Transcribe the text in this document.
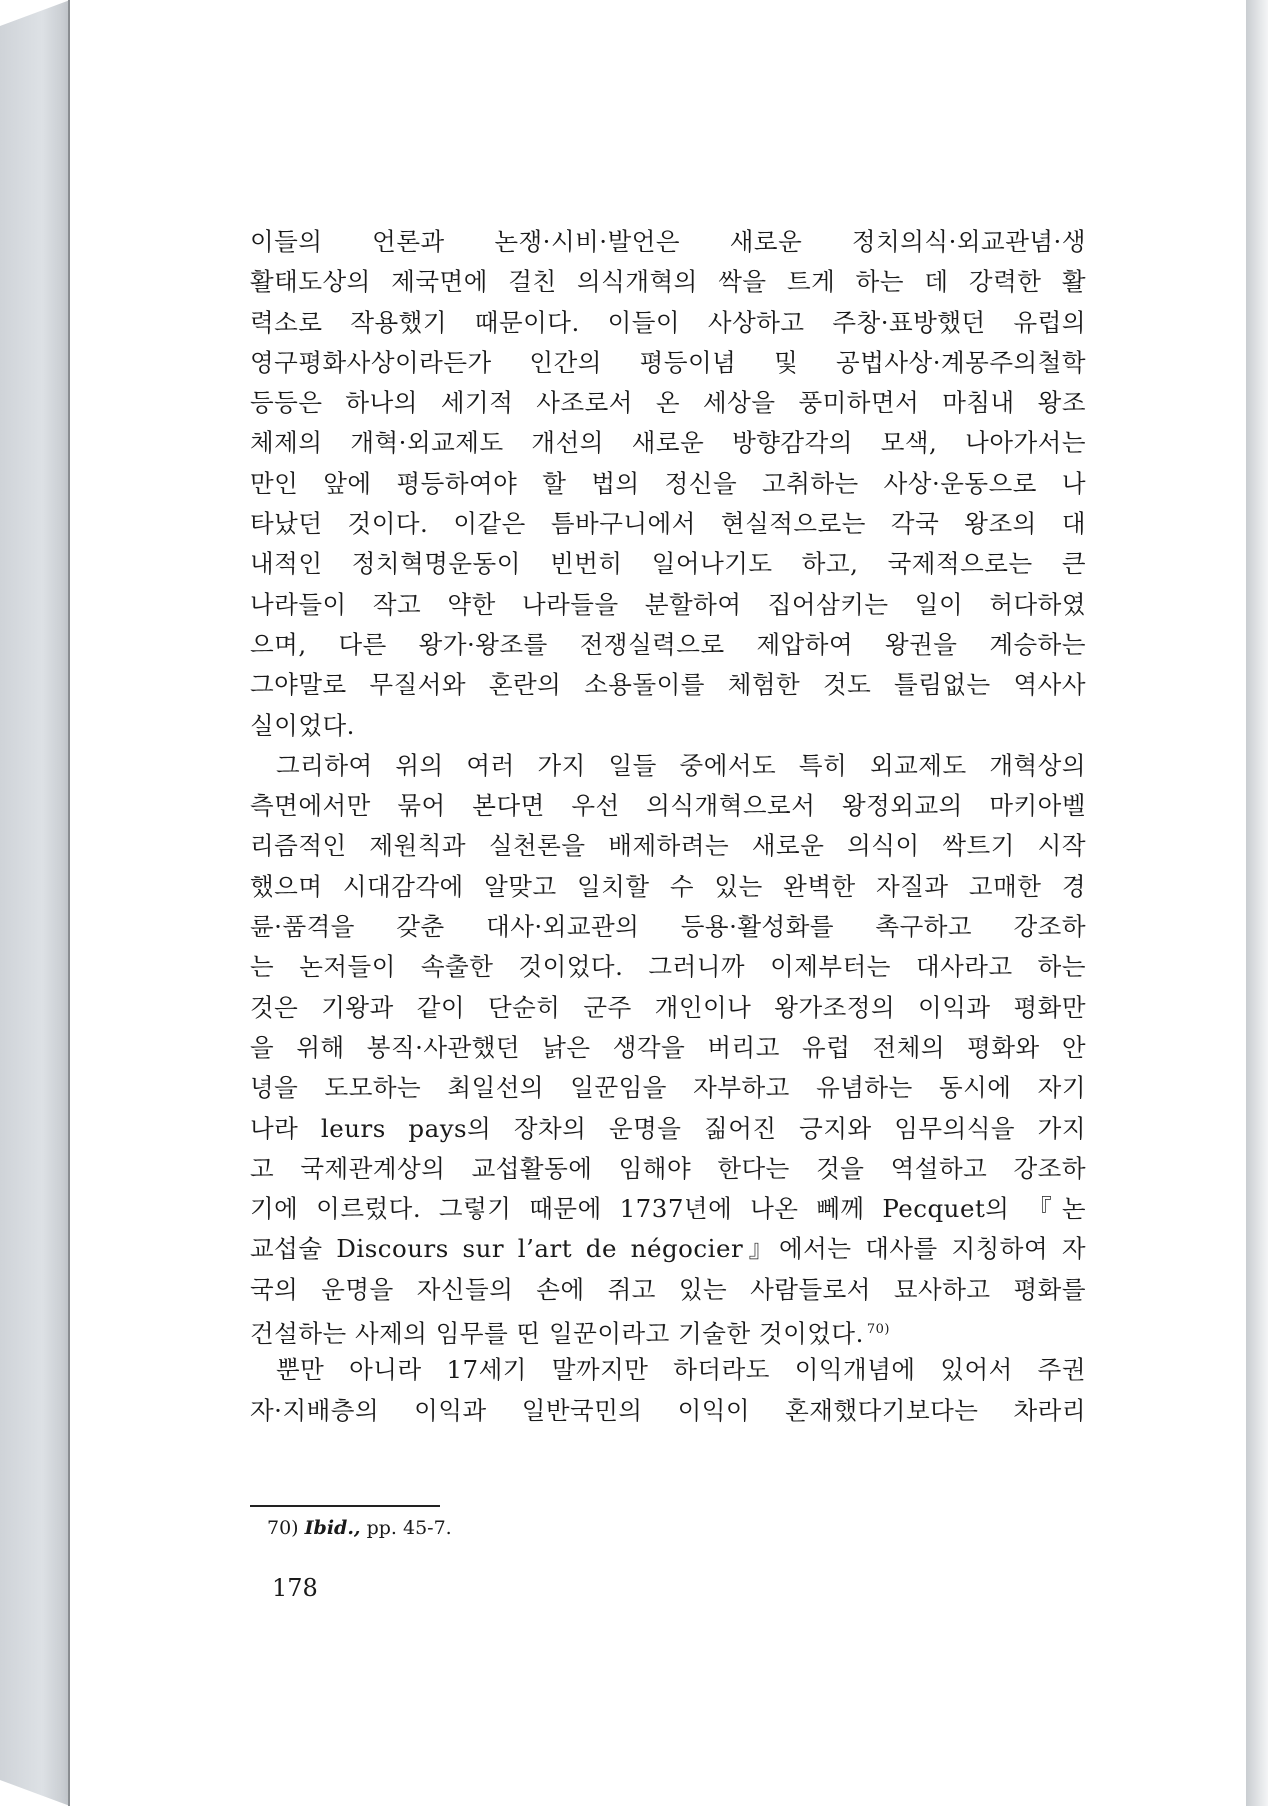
이들의 언론과 논쟁·시비·발언은 새로운 정치의식·외교관념·생
활태도상의 제국면에 걸친 의식개혁의 싹을 트게 하는 데 강력한 활
력소로 작용했기 때문이다. 이들이 사상하고 주창·표방했던 유럽의
영구평화사상이라든가 인간의 평등이념 및 공법사상·계몽주의철학
등등은 하나의 세기적 사조로서 온 세상을 풍미하면서 마침내 왕조
체제의 개혁·외교제도 개선의 새로운 방향감각의 모색, 나아가서는
만인 앞에 평등하여야 할 법의 정신을 고취하는 사상·운동으로 나
타났던 것이다. 이같은 틈바구니에서 현실적으로는 각국 왕조의 대
내적인 정치혁명운동이 빈번히 일어나기도 하고, 국제적으로는 큰
나라들이 작고 약한 나라들을 분할하여 집어삼키는 일이 허다하였
으며, 다른 왕가·왕조를 전쟁실력으로 제압하여 왕권을 계승하는
그야말로 무질서와 혼란의 소용돌이를 체험한 것도 틀림없는 역사사
실이었다.
그리하여 위의 여러 가지 일들 중에서도 특히 외교제도 개혁상의
측면에서만 묶어 본다면 우선 의식개혁으로서 왕정외교의 마키아벨
리즘적인 제원칙과 실천론을 배제하려는 새로운 의식이 싹트기 시작
했으며 시대감각에 알맞고 일치할 수 있는 완벽한 자질과 고매한 경
륜·품격을 갖춘 대사·외교관의 등용·활성화를 촉구하고 강조하
는 논저들이 속출한 것이었다. 그러니까 이제부터는 대사라고 하는
것은 기왕과 같이 단순히 군주 개인이나 왕가조정의 이익과 평화만
을 위해 봉직·사관했던 낡은 생각을 버리고 유럽 전체의 평화와 안
녕을 도모하는 최일선의 일꾼임을 자부하고 유념하는 동시에 자기
나라 leurs pays의 장차의 운명을 짊어진 긍지와 임무의식을 가지
고 국제관계상의 교섭활동에 임해야 한다는 것을 역설하고 강조하
기에 이르렀다. 그렇기 때문에 1737년에 나온 뻬께 Pecquet의 『논
교섭술 Discours sur l’art de négocier』에서는 대사를 지칭하여 자
국의 운명을 자신들의 손에 쥐고 있는 사람들로서 묘사하고 평화를
건설하는 사제의 임무를 띤 일꾼이라고 기술한 것이었다. $^{70)}$
뿐만 아니라 17세기 말까지만 하더라도 이익개념에 있어서 주권
자·지배층의 이익과 일반국민의 이익이 혼재했다기보다는 차라리
70) Ibid., pp. 45-7.
178
